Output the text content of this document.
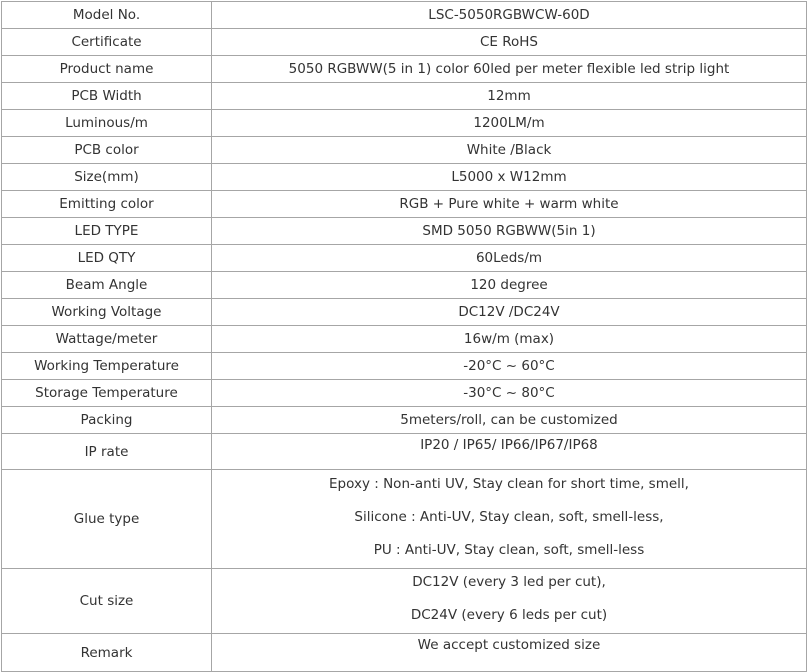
Model No.	LSC-5050RGBWCW-60D
Certificate	CE RoHS
Product name	5050 RGBWW(5 in 1) color 60led per meter flexible led strip light
PCB Width	12mm
Luminous/m	1200LM/m
PCB color	White /Black
Size(mm)	L5000 x W12mm
Emitting color	RGB + Pure white + warm white
LED TYPE	SMD 5050 RGBWW(5in 1)
LED QTY	60Leds/m
Beam Angle	120 degree
Working Voltage	DC12V /DC24V
Wattage/meter	16w/m (max)
Working Temperature	-20°C ~ 60°C
Storage Temperature	-30°C ~ 80°C
Packing	5meters/roll, can be customized
IP rate	IP20 / IP65/ IP66/IP67/IP68
Glue type	Epoxy : Non-anti UV, Stay clean for short time, smell,
Silicone : Anti-UV, Stay clean, soft, smell-less,
PU : Anti-UV, Stay clean, soft, smell-less

Cut size	DC12V (every 3 led per cut),
DC24V (every 6 leds per cut)

Remark	We accept customized size
